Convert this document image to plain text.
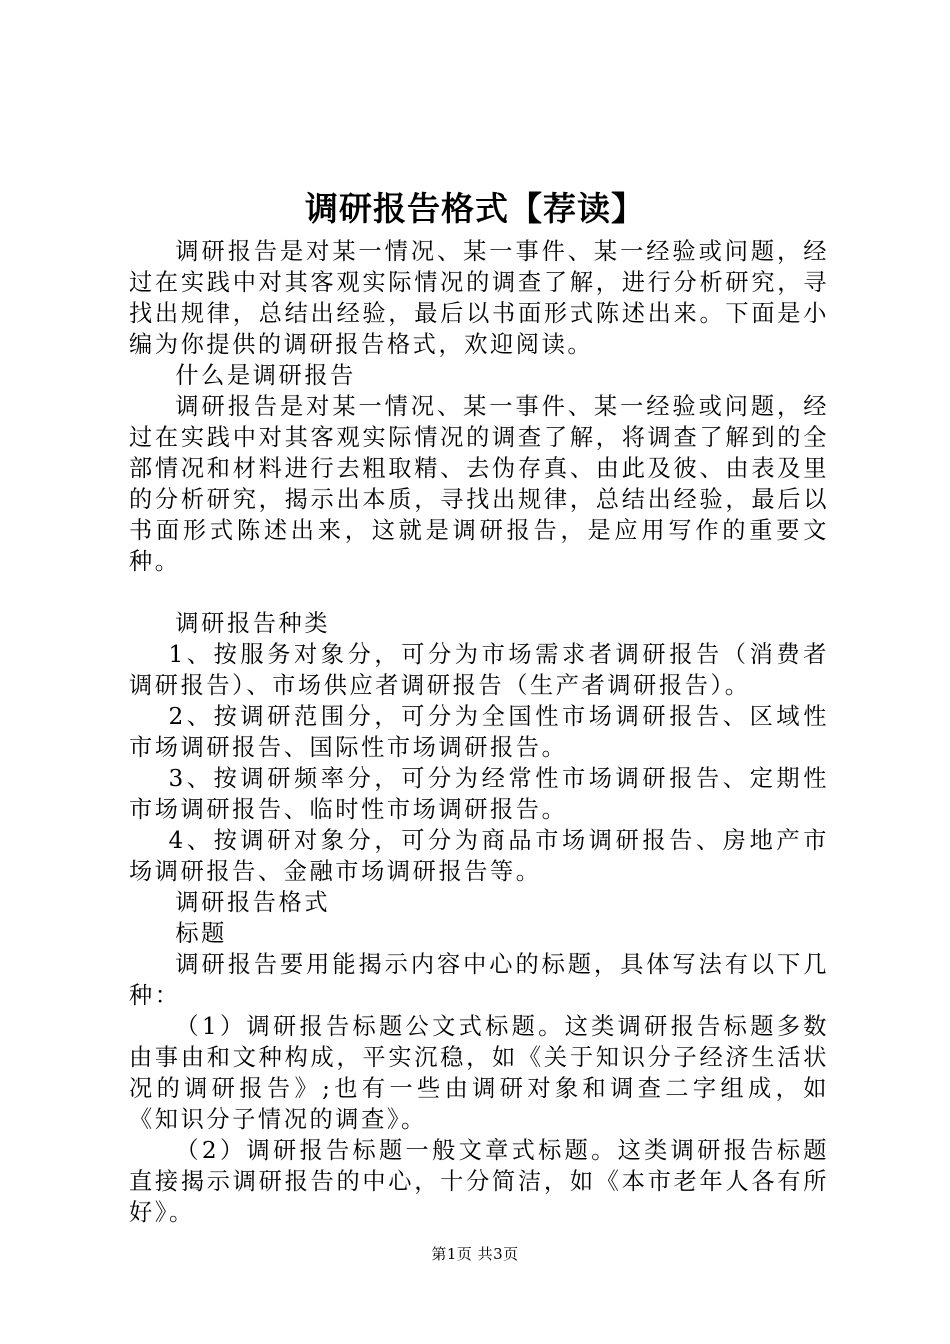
调研报告格式【荐读】

调研报告是对某一情况、某一事件、某一经验或问题，经过在实践中对其客观实际情况的调查了解，进行分析研究，寻找出规律，总结出经验，最后以书面形式陈述出来。下面是小编为你提供的调研报告格式，欢迎阅读。

什么是调研报告

调研报告是对某一情况、某一事件、某一经验或问题，经过在实践中对其客观实际情况的调查了解，将调查了解到的全部情况和材料进行去粗取精、去伪存真、由此及彼、由表及里的分析研究，揭示出本质，寻找出规律，总结出经验，最后以书面形式陈述出来，这就是调研报告，是应用写作的重要文种。

调研报告种类

1、按服务对象分，可分为市场需求者调研报告（消费者调研报告）、市场供应者调研报告（生产者调研报告）。

2、按调研范围分，可分为全国性市场调研报告、区域性市场调研报告、国际性市场调研报告。

3、按调研频率分，可分为经常性市场调研报告、定期性市场调研报告、临时性市场调研报告。

4、按调研对象分，可分为商品市场调研报告、房地产市场调研报告、金融市场调研报告等。

调研报告格式

标题

调研报告要用能揭示内容中心的标题，具体写法有以下几种：

（1）调研报告标题公文式标题。这类调研报告标题多数由事由和文种构成，平实沉稳，如《关于知识分子经济生活状况的调研报告》;也有一些由调研对象和调查二字组成，如《知识分子情况的调查》。

（2）调研报告标题一般文章式标题。这类调研报告标题直接揭示调研报告的中心，十分简洁，如《本市老年人各有所好》。

第1页 共3页
